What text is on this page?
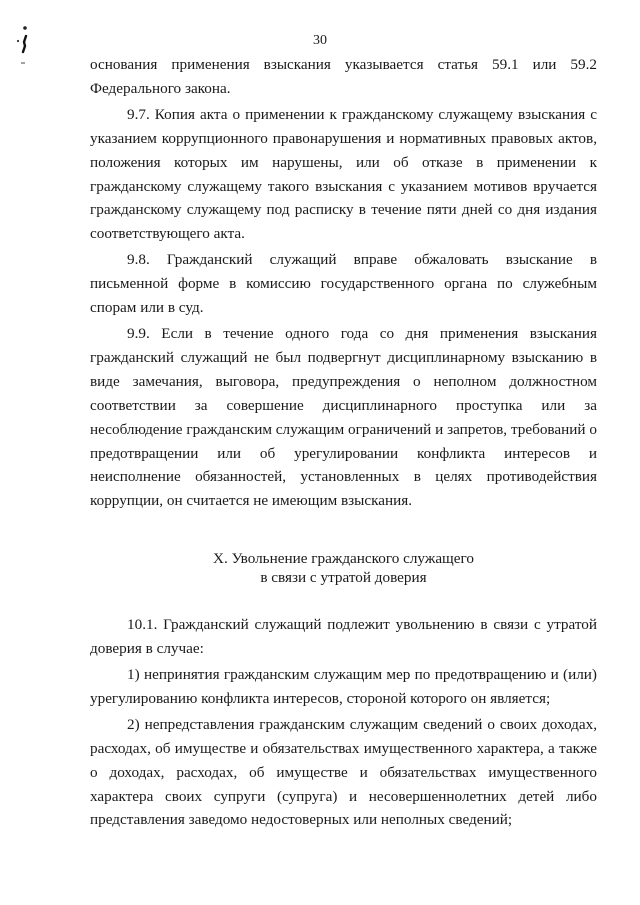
30

основания применения взыскания указывается статья 59.1 или 59.2 Федерального закона.

9.7. Копия акта о применении к гражданскому служащему взыскания с указанием коррупционного правонарушения и нормативных правовых актов, положения которых им нарушены, или об отказе в применении к гражданскому служащему такого взыскания с указанием мотивов вручается гражданскому служащему под расписку в течение пяти дней со дня издания соответствующего акта.

9.8. Гражданский служащий вправе обжаловать взыскание в письменной форме в комиссию государственного органа по служебным спорам или в суд.

9.9. Если в течение одного года со дня применения взыскания гражданский служащий не был подвергнут дисциплинарному взысканию в виде замечания, выговора, предупреждения о неполном должностном соответствии за совершение дисциплинарного проступка или за несоблюдение гражданским служащим ограничений и запретов, требований о предотвращении или об урегулировании конфликта интересов и неисполнение обязанностей, установленных в целях противодействия коррупции, он считается не имеющим взыскания.

X. Увольнение гражданского служащего
в связи с утратой доверия

10.1. Гражданский служащий подлежит увольнению в связи с утратой доверия в случае:

1) непринятия гражданским служащим мер по предотвращению и (или) урегулированию конфликта интересов, стороной которого он является;

2) непредставления гражданским служащим сведений о своих доходах, расходах, об имуществе и обязательствах имущественного характера, а также о доходах, расходах, об имуществе и обязательствах имущественного характера своих супруги (супруга) и несовершеннолетних детей либо представления заведомо недостоверных или неполных сведений;
